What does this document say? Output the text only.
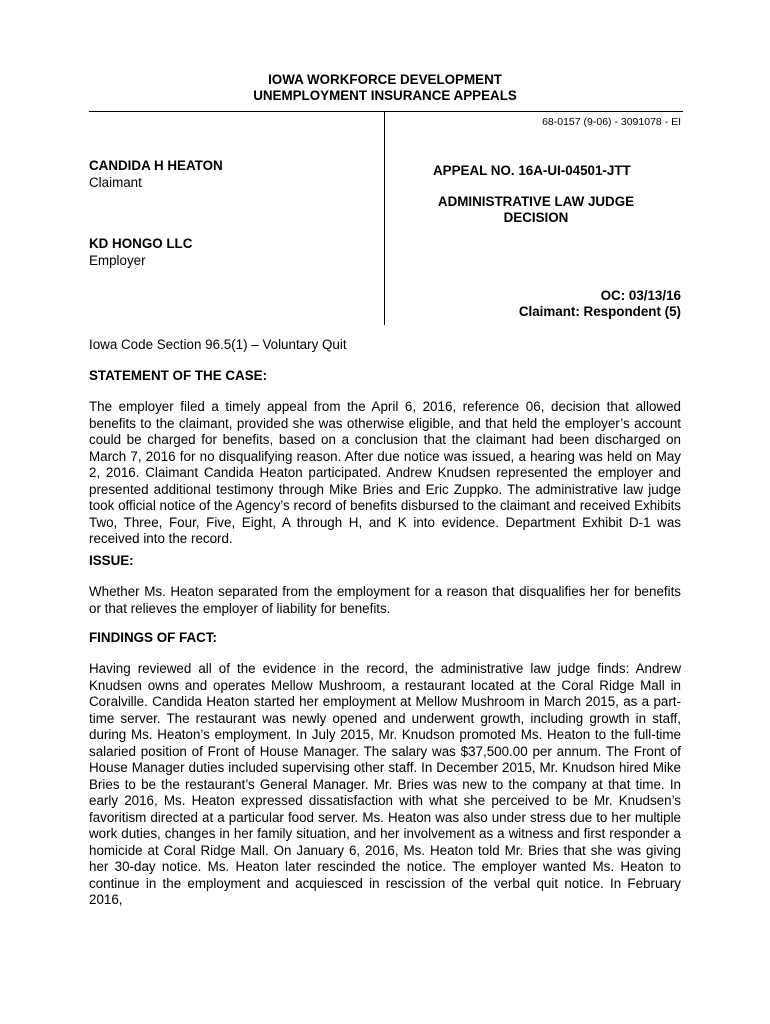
IOWA WORKFORCE DEVELOPMENT
UNEMPLOYMENT INSURANCE APPEALS
68-0157 (9-06) - 3091078 - EI
CANDIDA H HEATON
Claimant
KD HONGO LLC
Employer
APPEAL NO. 16A-UI-04501-JTT
ADMINISTRATIVE LAW JUDGE
DECISION
OC: 03/13/16
Claimant: Respondent (5)
Iowa Code Section 96.5(1) – Voluntary Quit
STATEMENT OF THE CASE:
The employer filed a timely appeal from the April 6, 2016, reference 06, decision that allowed benefits to the claimant, provided she was otherwise eligible, and that held the employer’s account could be charged for benefits, based on a conclusion that the claimant had been discharged on March 7, 2016 for no disqualifying reason. After due notice was issued, a hearing was held on May 2, 2016. Claimant Candida Heaton participated. Andrew Knudsen represented the employer and presented additional testimony through Mike Bries and Eric Zuppko. The administrative law judge took official notice of the Agency’s record of benefits disbursed to the claimant and received Exhibits Two, Three, Four, Five, Eight, A through H, and K into evidence. Department Exhibit D-1 was received into the record.
ISSUE:
Whether Ms. Heaton separated from the employment for a reason that disqualifies her for benefits or that relieves the employer of liability for benefits.
FINDINGS OF FACT:
Having reviewed all of the evidence in the record, the administrative law judge finds: Andrew Knudsen owns and operates Mellow Mushroom, a restaurant located at the Coral Ridge Mall in Coralville. Candida Heaton started her employment at Mellow Mushroom in March 2015, as a part-time server. The restaurant was newly opened and underwent growth, including growth in staff, during Ms. Heaton’s employment. In July 2015, Mr. Knudson promoted Ms. Heaton to the full-time salaried position of Front of House Manager. The salary was $37,500.00 per annum. The Front of House Manager duties included supervising other staff. In December 2015, Mr. Knudson hired Mike Bries to be the restaurant’s General Manager. Mr. Bries was new to the company at that time. In early 2016, Ms. Heaton expressed dissatisfaction with what she perceived to be Mr. Knudsen’s favoritism directed at a particular food server. Ms. Heaton was also under stress due to her multiple work duties, changes in her family situation, and her involvement as a witness and first responder a homicide at Coral Ridge Mall. On January 6, 2016, Ms. Heaton told Mr. Bries that she was giving her 30-day notice. Ms. Heaton later rescinded the notice. The employer wanted Ms. Heaton to continue in the employment and acquiesced in rescission of the verbal quit notice. In February 2016,
